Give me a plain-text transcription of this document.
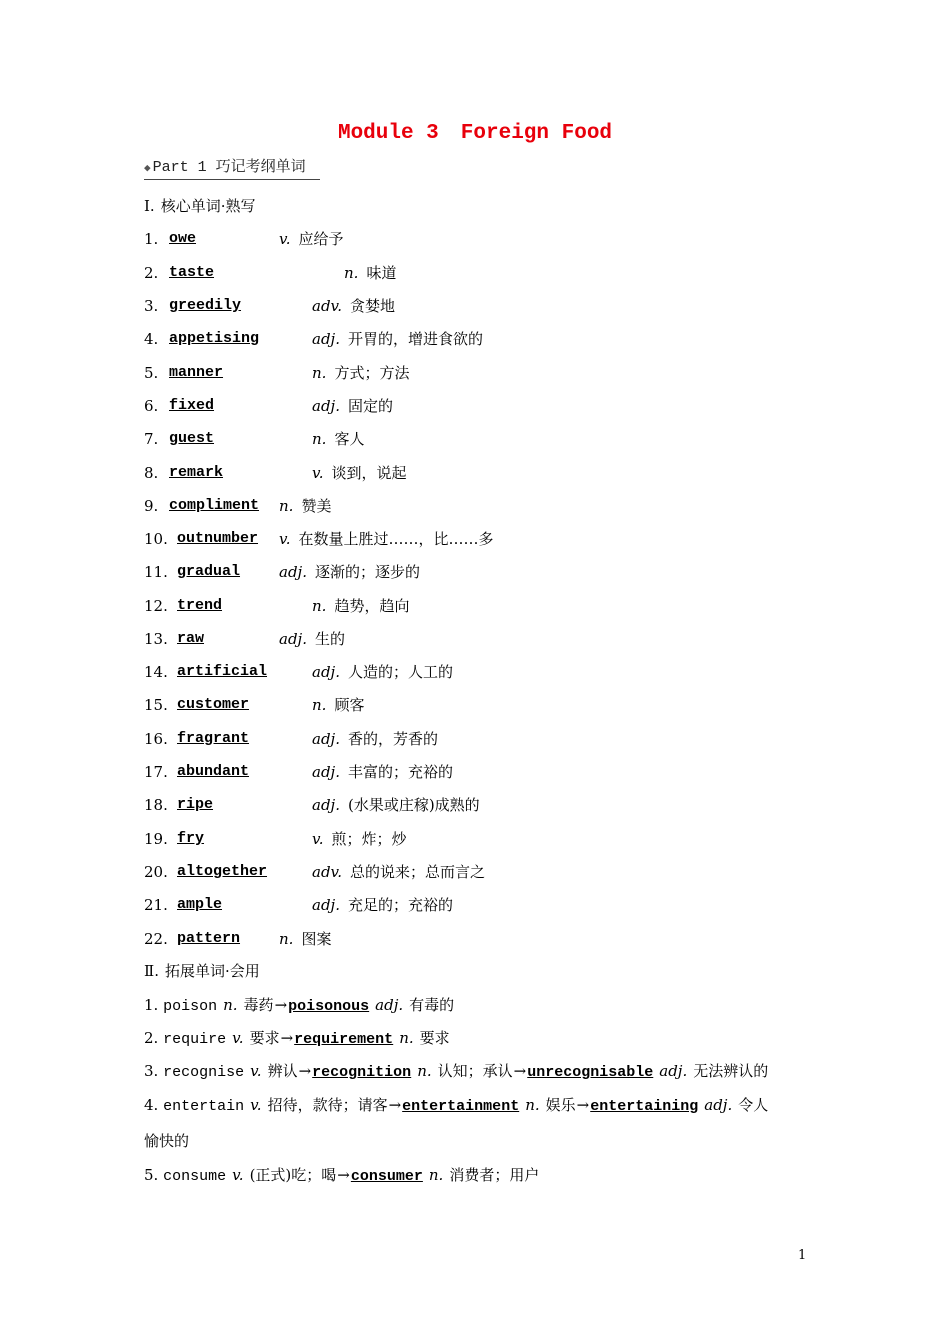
Module 3 Foreign Food
◆ Part 1 巧记考纲单词
Ⅰ. 核心单词·熟写
1. owe	v. 应给予
2. taste	n. 味道
3. greedily	adv. 贪婪地
4. appetising	adj. 开胃的，增进食欲的
5. manner	n. 方式；方法
6. fixed	adj. 固定的
7. guest	n. 客人
8. remark	v. 谈到，说起
9. compliment n. 赞美
10. outnumber v. 在数量上胜过……，比……多
11. gradual	adj. 逐渐的；逐步的
12. trend	n. 趋势，趋向
13. raw	adj. 生的
14. artificial	adj. 人造的；人工的
15. customer	n. 顾客
16. fragrant	adj. 香的，芳香的
17. abundant	adj. 丰富的；充裕的
18. ripe	adj. (水果或庄稼)成熟的
19. fry	v. 煎；炸；炒
20. altogether	adv. 总的说来；总而言之
21. ample	adj. 充足的；充裕的
22. pattern	n. 图案
Ⅱ. 拓展单词·会用
1. poison n. 毒药→poisonous adj. 有毒的
2. require v. 要求→requirement n. 要求
3. recognise v. 辨认→recognition n. 认知；承认→unrecognisable adj. 无法辨认的
4. entertain v. 招待，款待；请客→entertainment n. 娱乐→entertaining adj. 令人
愉快的
5. consume v. (正式)吃；喝→consumer n. 消费者；用户
1
